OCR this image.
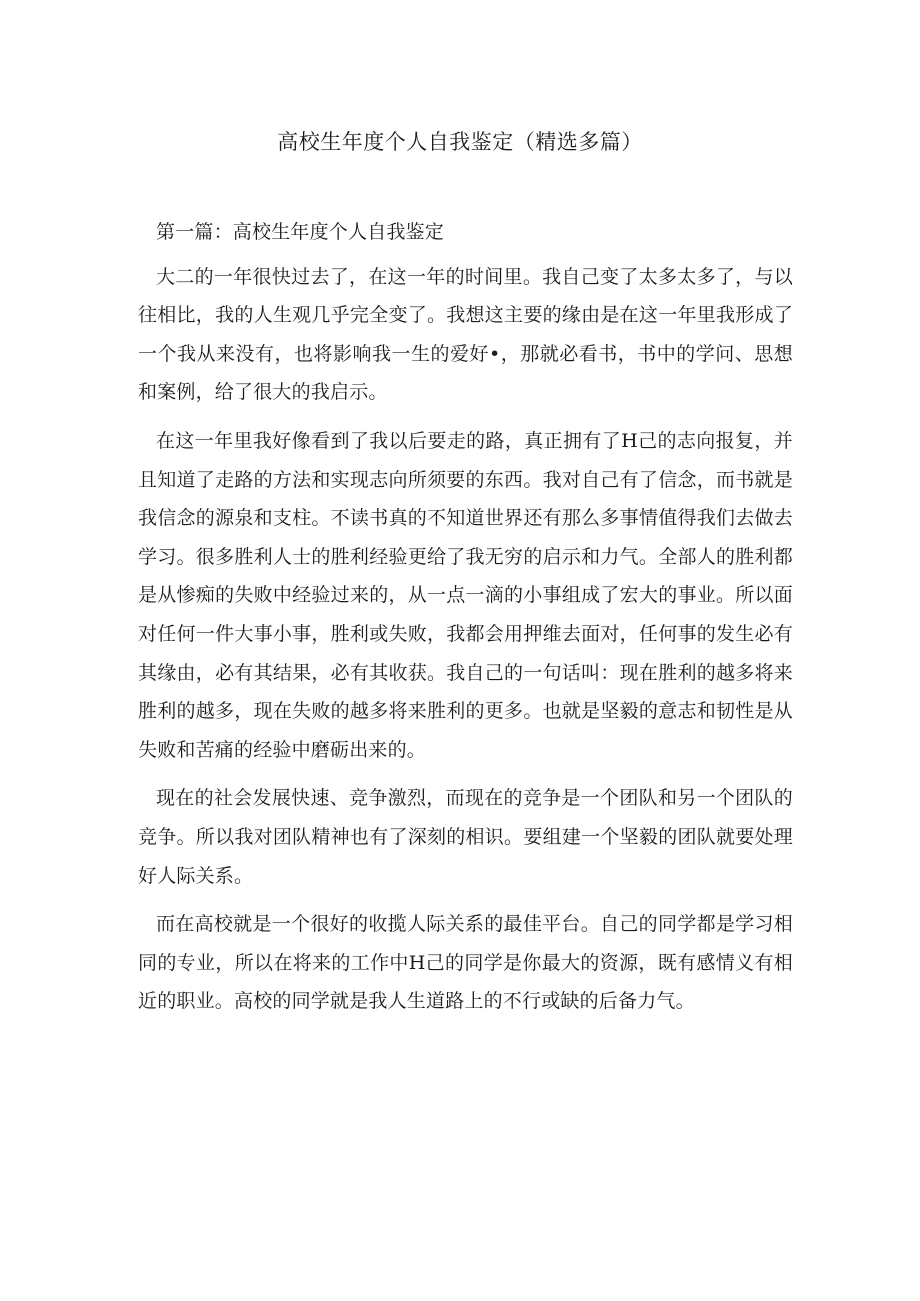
高校生年度个人自我鉴定（精选多篇）

第一篇：高校生年度个人自我鉴定

大二的一年很快过去了，在这一年的时间里。我自己变了太多太多了，与以往相比，我的人生观几乎完全变了。我想这主要的缘由是在这一年里我形成了一个我从来没有，也将影响我一生的爱好•，那就必看书，书中的学问、思想和案例，给了很大的我启示。

在这一年里我好像看到了我以后要走的路，真正拥有了H己的志向报复，并且知道了走路的方法和实现志向所须要的东西。我对自己有了信念，而书就是我信念的源泉和支柱。不读书真的不知道世界还有那么多事情值得我们去做去学习。很多胜利人士的胜利经验更给了我无穷的启示和力气。全部人的胜利都是从惨痴的失败中经验过来的，从一点一滴的小事组成了宏大的事业。所以面对任何一件大事小事，胜利或失败，我都会用押维去面对，任何事的发生必有其缘由，必有其结果，必有其收获。我自己的一句话叫：现在胜利的越多将来胜利的越多，现在失败的越多将来胜利的更多。也就是坚毅的意志和韧性是从失败和苦痛的经验中磨砺出来的。

现在的社会发展快速、竞争激烈，而现在的竞争是一个团队和另一个团队的竞争。所以我对团队精神也有了深刻的相识。要组建一个坚毅的团队就要处理好人际关系。

而在高校就是一个很好的收揽人际关系的最佳平台。自己的同学都是学习相同的专业，所以在将来的工作中H己的同学是你最大的资源，既有感情义有相近的职业。高校的同学就是我人生道路上的不行或缺的后备力气。
